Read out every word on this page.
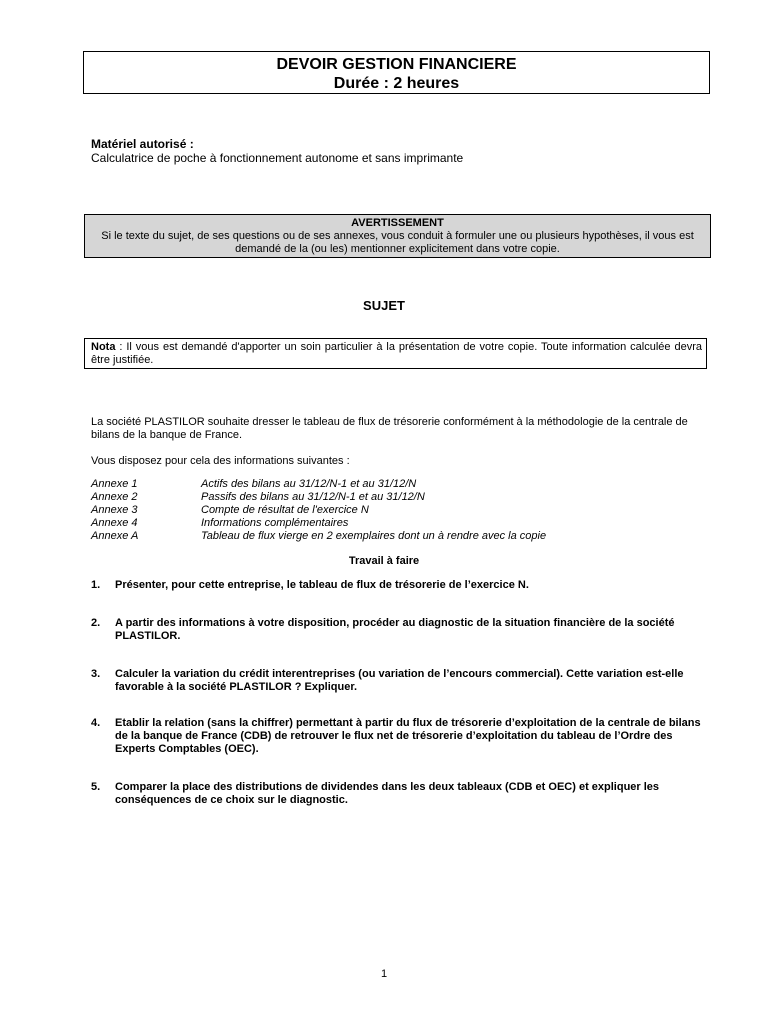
DEVOIR GESTION FINANCIERE
Durée : 2 heures
Matériel autorisé :
Calculatrice de poche à fonctionnement autonome et sans imprimante
AVERTISSEMENT
Si le texte du sujet, de ses questions ou de ses annexes, vous conduit à formuler une ou plusieurs hypothèses, il vous est demandé de la (ou les) mentionner explicitement dans votre copie.
SUJET
Nota : Il vous est demandé d'apporter un soin particulier à la présentation de votre copie. Toute information calculée devra être justifiée.
La société PLASTILOR souhaite dresser le tableau de flux de trésorerie conformément à la méthodologie de la centrale de bilans de la banque de France.
Vous disposez pour cela des informations suivantes :
Annexe 1	Actifs des bilans au 31/12/N-1 et au 31/12/N
Annexe 2	Passifs des bilans au 31/12/N-1 et au 31/12/N
Annexe 3	Compte de résultat de l'exercice N
Annexe 4	Informations complémentaires
Annexe A	Tableau de flux vierge en 2 exemplaires dont un à rendre avec la copie
Travail à faire
1.	Présenter, pour cette entreprise, le tableau de flux de trésorerie de l’exercice N.
2.	A partir des informations à votre disposition, procéder au diagnostic de la situation financière de la société PLASTILOR.
3.	Calculer la variation du crédit interentreprises (ou variation de l’encours commercial). Cette variation est-elle favorable à la société PLASTILOR ? Expliquer.
4.	Etablir la relation (sans la chiffrer) permettant à partir du flux de trésorerie d’exploitation de la centrale de bilans de la banque de France (CDB) de retrouver le flux net de trésorerie d’exploitation du tableau de l’Ordre des Experts Comptables (OEC).
5.	Comparer la place des distributions de dividendes dans les deux tableaux (CDB et OEC) et expliquer les conséquences de ce choix sur le diagnostic.
1
